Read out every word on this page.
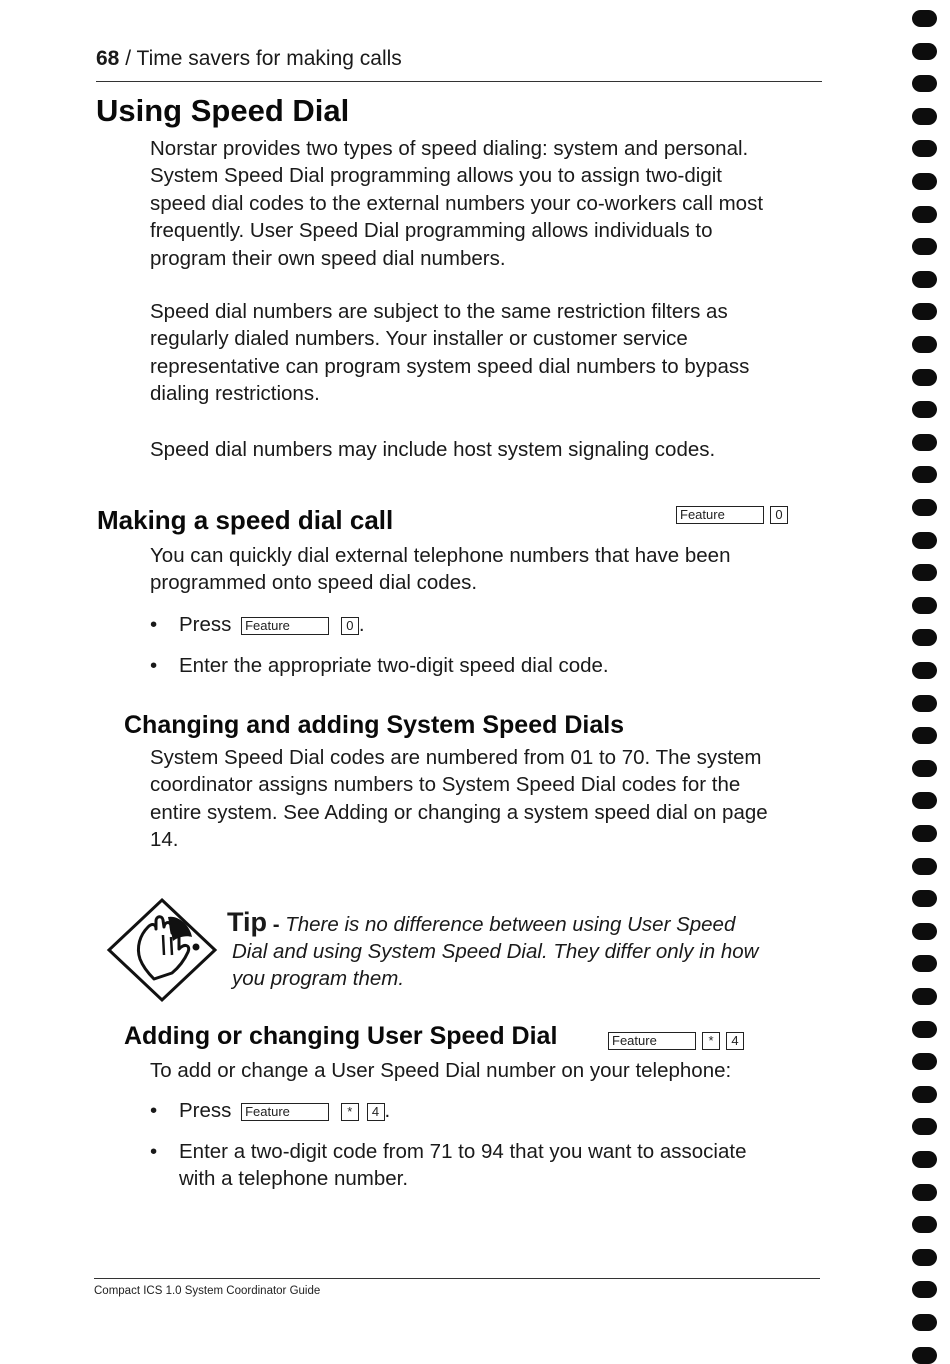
68 / Time savers for making calls
Using Speed Dial

Norstar provides two types of speed dialing: system and personal.

System Speed Dial programming allows you to assign two-digit

speed dial codes to the external numbers your co-workers call most

frequently. User Speed Dial programming allows individuals to

program their own speed dial numbers.

Speed dial numbers are subject to the same restriction filters as

regularly dialed numbers. Your installer or customer service

representative can program system speed dial numbers to bypass

dialing restrictions.

Speed dial numbers may include host system signaling codes.

Making a speed dial call	Feature	0

You can quickly dial external telephone numbers that have been

programmed onto speed dial codes.

• Press Feature	0 .
• Enter the appropriate two-digit speed dial code.
Changing and adding System Speed Dials

System Speed Dial codes are numbered from 01 to 70. The system

coordinator assigns numbers to System Speed Dial codes for the

entire system. See Adding or changing a system speed dial on page

14.

Tip - There is no difference between using User Speed
Dial and using System Speed Dial. They differ only in how
you program them.
Adding or changing User Speed Dial	Feature	* 4

To add or change a User Speed Dial number on your telephone:

• Press Feature	* 4 .
• Enter a two-digit code from 71 to 94 that you want to associate
with a telephone number.
Compact ICS 1.0 System Coordinator Guide
